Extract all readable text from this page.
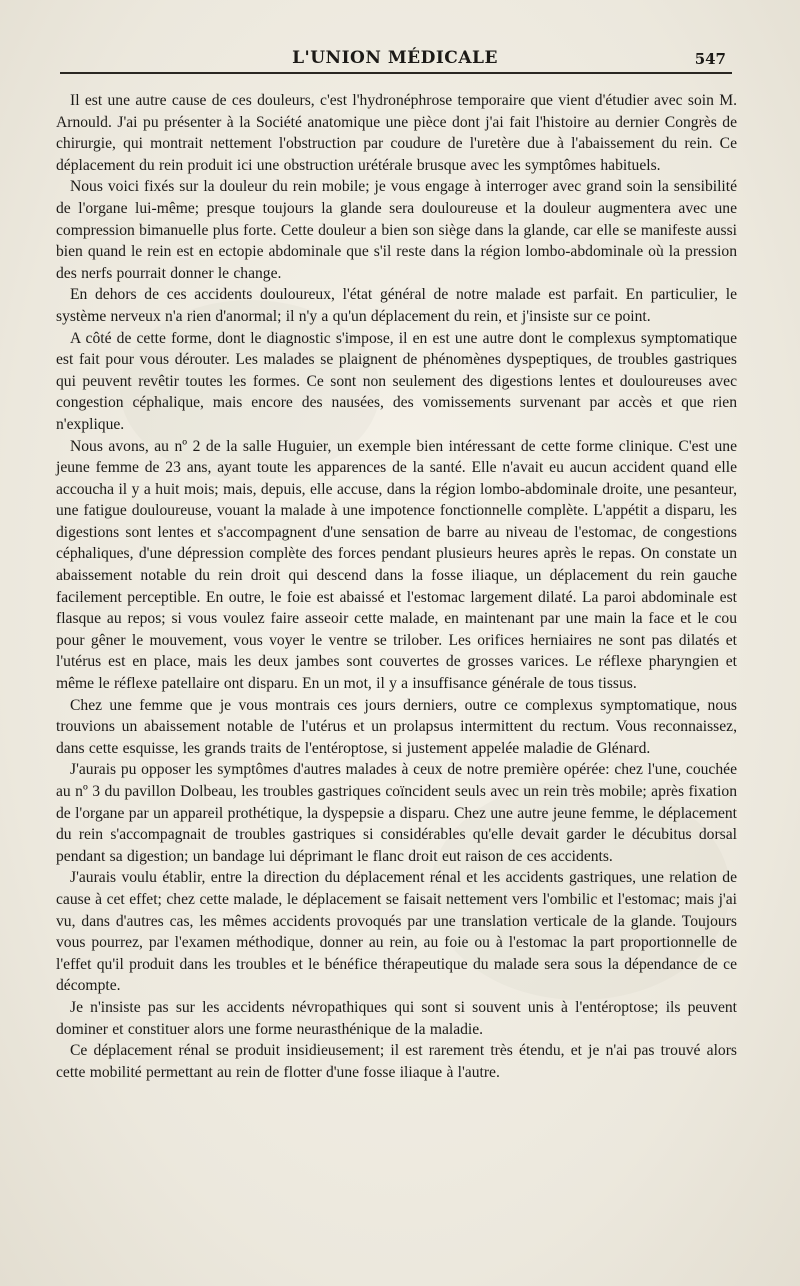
L'UNION MÉDICALE	547

Il est une autre cause de ces douleurs, c'est l'hydronéphrose temporaire que vient d'étudier avec soin M. Arnould. J'ai pu présenter à la Société anatomique une pièce dont j'ai fait l'histoire au dernier Congrès de chirurgie, qui montrait nettement l'obstruction par coudure de l'uretère due à l'abaissement du rein. Ce déplacement du rein produit ici une obstruction urétérale brusque avec les symptômes habituels.

Nous voici fixés sur la douleur du rein mobile; je vous engage à interroger avec grand soin la sensibilité de l'organe lui-même; presque toujours la glande sera douloureuse et la douleur augmentera avec une compression bimanuelle plus forte. Cette douleur a bien son siège dans la glande, car elle se manifeste aussi bien quand le rein est en ectopie abdominale que s'il reste dans la région lombo-abdominale où la pression des nerfs pourrait donner le change.

En dehors de ces accidents douloureux, l'état général de notre malade est parfait. En particulier, le système nerveux n'a rien d'anormal; il n'y a qu'un déplacement du rein, et j'insiste sur ce point.

A côté de cette forme, dont le diagnostic s'impose, il en est une autre dont le complexus symptomatique est fait pour vous dérouter. Les malades se plaignent de phénomènes dyspeptiques, de troubles gastriques qui peuvent revêtir toutes les formes. Ce sont non seulement des digestions lentes et douloureuses avec congestion céphalique, mais encore des nausées, des vomissements survenant par accès et que rien n'explique.

Nous avons, au nº 2 de la salle Huguier, un exemple bien intéressant de cette forme clinique. C'est une jeune femme de 23 ans, ayant toute les apparences de la santé. Elle n'avait eu aucun accident quand elle accoucha il y a huit mois; mais, depuis, elle accuse, dans la région lombo-abdominale droite, une pesanteur, une fatigue douloureuse, vouant la malade à une impotence fonctionnelle complète. L'appétit a disparu, les digestions sont lentes et s'accompagnent d'une sensation de barre au niveau de l'estomac, de congestions céphaliques, d'une dépression complète des forces pendant plusieurs heures après le repas. On constate un abaissement notable du rein droit qui descend dans la fosse iliaque, un déplacement du rein gauche facilement perceptible. En outre, le foie est abaissé et l'estomac largement dilaté. La paroi abdominale est flasque au repos; si vous voulez faire asseoir cette malade, en maintenant par une main la face et le cou pour gêner le mouvement, vous voyer le ventre se trilober. Les orifices herniaires ne sont pas dilatés et l'utérus est en place, mais les deux jambes sont couvertes de grosses varices. Le réflexe pharyngien et même le réflexe patellaire ont disparu. En un mot, il y a insuffisance générale de tous tissus.

Chez une femme que je vous montrais ces jours derniers, outre ce complexus symptomatique, nous trouvions un abaissement notable de l'utérus et un prolapsus intermittent du rectum. Vous reconnaissez, dans cette esquisse, les grands traits de l'entéroptose, si justement appelée maladie de Glénard.

J'aurais pu opposer les symptômes d'autres malades à ceux de notre première opérée: chez l'une, couchée au nº 3 du pavillon Dolbeau, les troubles gastriques coïncident seuls avec un rein très mobile; après fixation de l'organe par un appareil prothétique, la dyspepsie a disparu. Chez une autre jeune femme, le déplacement du rein s'accompagnait de troubles gastriques si considérables qu'elle devait garder le décubitus dorsal pendant sa digestion; un bandage lui déprimant le flanc droit eut raison de ces accidents.

J'aurais voulu établir, entre la direction du déplacement rénal et les accidents gastriques, une relation de cause à cet effet; chez cette malade, le déplacement se faisait nettement vers l'ombilic et l'estomac; mais j'ai vu, dans d'autres cas, les mêmes accidents provoqués par une translation verticale de la glande. Toujours vous pourrez, par l'examen méthodique, donner au rein, au foie ou à l'estomac la part proportionnelle de l'effet qu'il produit dans les troubles et le bénéfice thérapeutique du malade sera sous la dépendance de ce décompte.

Je n'insiste pas sur les accidents névropathiques qui sont si souvent unis à l'entéroptose; ils peuvent dominer et constituer alors une forme neurasthénique de la maladie.

Ce déplacement rénal se produit insidieusement; il est rarement très étendu, et je n'ai pas trouvé alors cette mobilité permettant au rein de flotter d'une fosse iliaque à l'autre.
